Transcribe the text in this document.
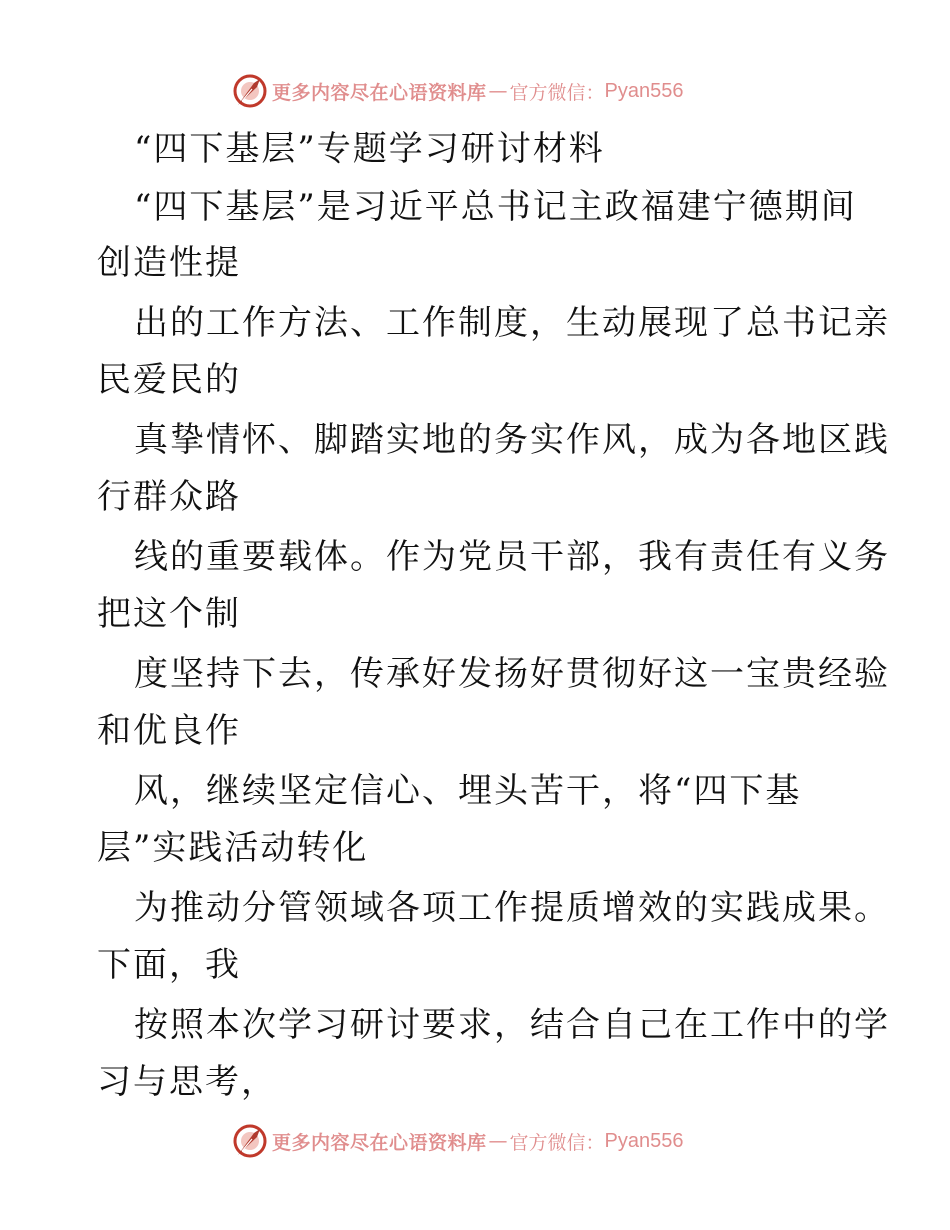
更多内容尽在心语资料库 — 官方微信： Pyan556

“四下基层”专题学习研讨材料

“四下基层”是习近平总书记主政福建宁德期间

创造性提

出的工作方法、工作制度，生动展现了总书记亲

民爱民的

真挚情怀、脚踏实地的务实作风，成为各地区践

行群众路

线的重要载体。作为党员干部，我有责任有义务

把这个制

度坚持下去，传承好发扬好贯彻好这一宝贵经验

和优良作

风，继续坚定信心、埋头苦干，将“四下基

层”实践活动转化

为推动分管领域各项工作提质增效的实践成果。

下面，我

按照本次学习研讨要求，结合自己在工作中的学

习与思考，

更多内容尽在心语资料库 — 官方微信： Pyan556
